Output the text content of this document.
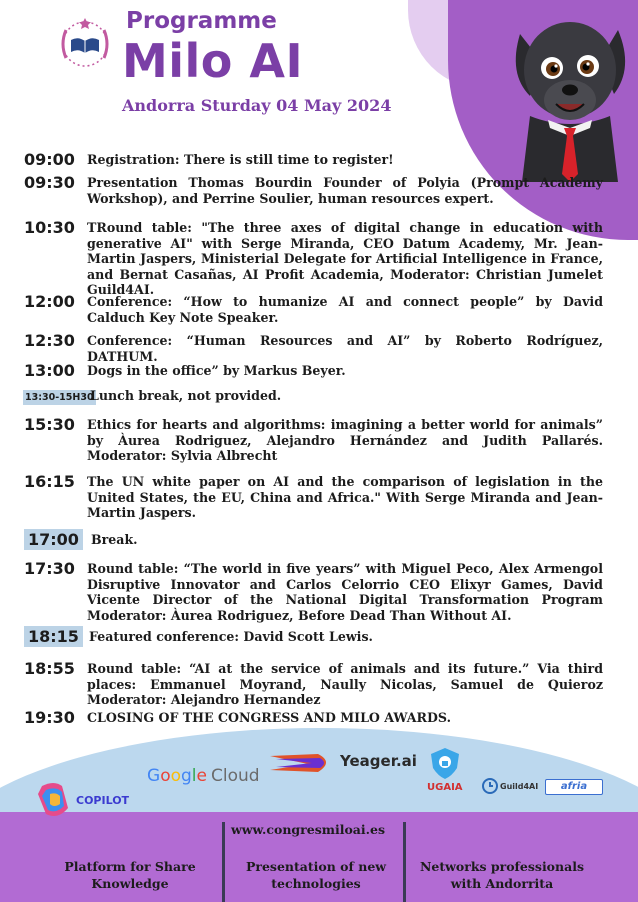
Programme
Milo AI
Andorra Sturday 04 May 2024
09:00 Registration: There is still time to register!
09:30 Presentation Thomas Bourdin Founder of Polyia (Prompt Academy Workshop), and Perrine Soulier, human resources expert.
10:30 TRound table: "The three axes of digital change in education with generative AI" with Serge Miranda, CEO Datum Academy, Mr. Jean-Martin Jaspers, Ministerial Delegate for Artificial Intelligence in France, and Bernat Casañas, AI Profit Academia, Moderator: Christian Jumelet Guild4AI.
12:00 Conference: “How to humanize AI and connect people” by David Calduch Key Note Speaker.
12:30 Conference: “Human Resources and AI” by Roberto Rodríguez, DATHUM.
13:00 Dogs in the office” by Markus Beyer.
13:30-15H30
Lunch break, not provided.
15:30 Ethics for hearts and algorithms: imagining a better world for animals” by Àurea Rodriguez, Alejandro Hernández and Judith Pallarés. Moderator: Sylvia Albrecht
16:15 The UN white paper on AI and the comparison of legislation in the United States, the EU, China and Africa." With Serge Miranda and Jean-Martin Jaspers.
17:00 Break.
17:30 Round table: “The world in five years” with Miguel Peco, Alex Armengol Disruptive Innovator and Carlos Celorrio CEO Elixyr Games, David Vicente Director of the National Digital Transformation Program Moderator: Àurea Rodriguez, Before Dead Than Without AI.
18:15 Featured conference: David Scott Lewis.
18:55 Round table: “AI at the service of animals and its future.” Via third places: Emmanuel Moyrand, Naully Nicolas, Samuel de Quieroz Moderator: Alejandro Hernandez
19:30 CLOSING OF THE CONGRESS AND MILO AWARDS.
Yeager.ai
Google Cloud
COPILOT
UGAIA	Guild4AI	afria
www.congresmiloai.es
Platform for Share Knowledge
Presentation of new technologies
Networks professionals with Andorrita
